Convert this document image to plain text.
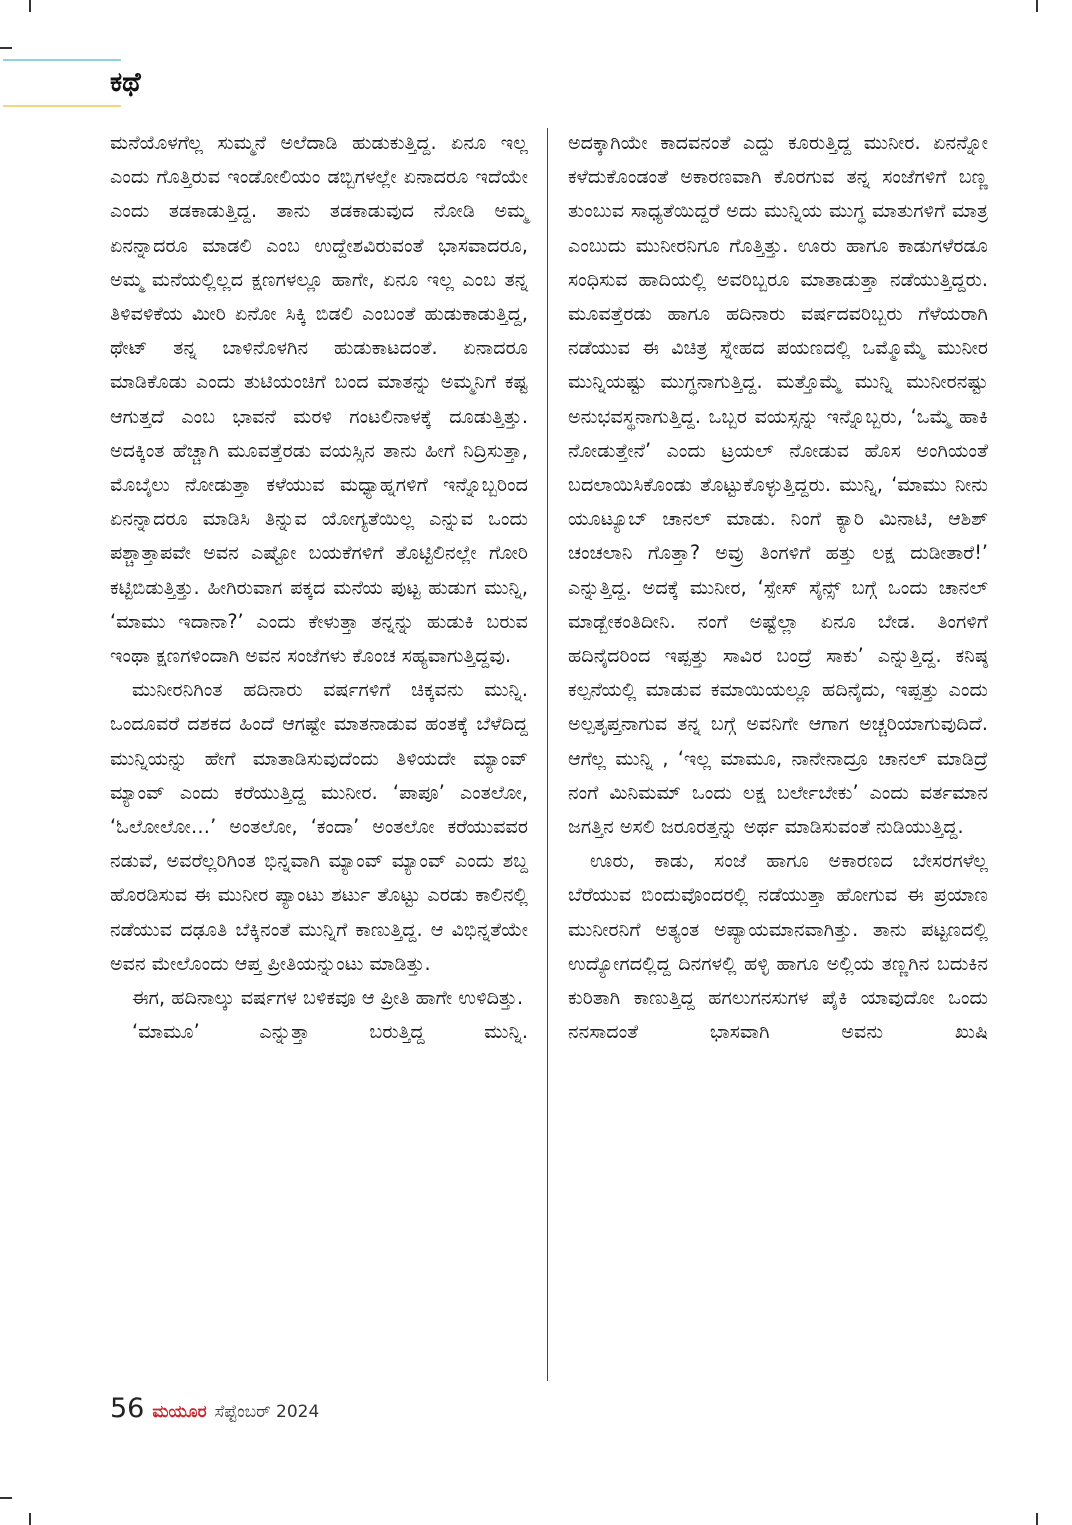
ಕಥೆ

ಮನೆಯೊಳಗೆಲ್ಲ ಸುಮ್ಮನೆ ಅಲೆದಾಡಿ ಹುಡುಕುತ್ತಿದ್ದ. ಏನೂ ಇಲ್ಲ ಎಂದು ಗೊತ್ತಿರುವ ಇಂಡೋಲಿಯಂ ಡಬ್ಬಿಗಳಲ್ಲೇ ಏನಾದರೂ ಇದೆಯೇ ಎಂದು ತಡಕಾಡುತ್ತಿದ್ದ. ತಾನು ತಡಕಾಡುವುದ ನೋಡಿ ಅಮ್ಮ ಏನನ್ನಾದರೂ ಮಾಡಲಿ ಎಂಬ ಉದ್ದೇಶವಿರುವಂತೆ ಭಾಸವಾದರೂ, ಅಮ್ಮ ಮನೆಯಲ್ಲಿಲ್ಲದ ಕ್ಷಣಗಳಲ್ಲೂ ಹಾಗೇ, ಏನೂ ಇಲ್ಲ ಎಂಬ ತನ್ನ ತಿಳಿವಳಿಕೆಯ ಮೀರಿ ಏನೋ ಸಿಕ್ಕಿ ಬಿಡಲಿ ಎಂಬಂತೆ ಹುಡುಕಾಡುತ್ತಿದ್ದ, ಥೇಟ್ ತನ್ನ ಬಾಳಿನೊಳಗಿನ ಹುಡುಕಾಟದಂತೆ. ಏನಾದರೂ ಮಾಡಿಕೊಡು ಎಂದು ತುಟಿಯಂಚಿಗೆ ಬಂದ ಮಾತನ್ನು ಅಮ್ಮನಿಗೆ ಕಷ್ಟ ಆಗುತ್ತದೆ ಎಂಬ ಭಾವನೆ ಮರಳಿ ಗಂಟಲಿನಾಳಕ್ಕೆ ದೂಡುತ್ತಿತ್ತು. ಅದಕ್ಕಿಂತ ಹೆಚ್ಚಾಗಿ ಮೂವತ್ತೆರಡು ವಯಸ್ಸಿನ ತಾನು ಹೀಗೆ ನಿದ್ರಿಸುತ್ತಾ, ಮೊಬೈಲು ನೋಡುತ್ತಾ ಕಳೆಯುವ ಮಧ್ಯಾಹ್ನಗಳಿಗೆ ಇನ್ನೊಬ್ಬರಿಂದ ಏನನ್ನಾದರೂ ಮಾಡಿಸಿ ತಿನ್ನುವ ಯೋಗ್ಯತೆಯಿಲ್ಲ ಎನ್ನುವ ಒಂದು ಪಶ್ಚಾತ್ತಾಪವೇ ಅವನ ಎಷ್ಟೋ ಬಯಕೆಗಳಿಗೆ ತೊಟ್ಟಿಲಿನಲ್ಲೇ ಗೋರಿ ಕಟ್ಟಿಬಿಡುತ್ತಿತ್ತು. ಹೀಗಿರುವಾಗ ಪಕ್ಕದ ಮನೆಯ ಪುಟ್ಟ ಹುಡುಗ ಮುನ್ನಿ, ‘ಮಾಮು ಇದಾನಾ?’ ಎಂದು ಕೇಳುತ್ತಾ ತನ್ನನ್ನು ಹುಡುಕಿ ಬರುವ ಇಂಥಾ ಕ್ಷಣಗಳಿಂದಾಗಿ ಅವನ ಸಂಜೆಗಳು ಕೊಂಚ ಸಹ್ಯವಾಗುತ್ತಿದ್ದವು.

ಮುನೀರನಿಗಿಂತ ಹದಿನಾರು ವರ್ಷಗಳಿಗೆ ಚಿಕ್ಕವನು ಮುನ್ನಿ. ಒಂದೂವರೆ ದಶಕದ ಹಿಂದೆ ಆಗಷ್ಟೇ ಮಾತನಾಡುವ ಹಂತಕ್ಕೆ ಬೆಳೆದಿದ್ದ ಮುನ್ನಿಯನ್ನು ಹೇಗೆ ಮಾತಾಡಿಸುವುದೆಂದು ತಿಳಿಯದೇ ಮ್ಯಾಂವ್ ಮ್ಯಾಂವ್ ಎಂದು ಕರೆಯುತ್ತಿದ್ದ ಮುನೀರ. ‘ಪಾಪೂ’ ಎಂತಲೋ, ‘ಓಲೋಲೋ…’ ಅಂತಲೋ, ‘ಕಂದಾ’ ಅಂತಲೋ ಕರೆಯುವವರ ನಡುವೆ, ಅವರೆಲ್ಲರಿಗಿಂತ ಭಿನ್ನವಾಗಿ ಮ್ಯಾಂವ್ ಮ್ಯಾಂವ್ ಎಂದು ಶಬ್ದ ಹೊರಡಿಸುವ ಈ ಮುನೀರ ಪ್ಯಾಂಟು ಶರ್ಟು ತೊಟ್ಟು ಎರಡು ಕಾಲಿನಲ್ಲಿ ನಡೆಯುವ ದಢೂತಿ ಬೆಕ್ಕಿನಂತೆ ಮುನ್ನಿಗೆ ಕಾಣುತ್ತಿದ್ದ. ಆ ವಿಭಿನ್ನತೆಯೇ ಅವನ ಮೇಲೊಂದು ಆಪ್ತ ಪ್ರೀತಿಯನ್ನುಂಟು ಮಾಡಿತ್ತು.

ಈಗ, ಹದಿನಾಲ್ಕು ವರ್ಷಗಳ ಬಳಿಕವೂ ಆ ಪ್ರೀತಿ ಹಾಗೇ ಉಳಿದಿತ್ತು.

‘ಮಾಮೂ’ ಎನ್ನುತ್ತಾ ಬರುತ್ತಿದ್ದ ಮುನ್ನಿ.

ಅದಕ್ಕಾಗಿಯೇ ಕಾದವನಂತೆ ಎದ್ದು ಕೂರುತ್ತಿದ್ದ ಮುನೀರ. ಏನನ್ನೋ ಕಳೆದುಕೊಂಡಂತೆ ಅಕಾರಣವಾಗಿ ಕೊರಗುವ ತನ್ನ ಸಂಜೆಗಳಿಗೆ ಬಣ್ಣ ತುಂಬುವ ಸಾಧ್ಯತೆಯಿದ್ದರೆ ಅದು ಮುನ್ನಿಯ ಮುಗ್ಧ ಮಾತುಗಳಿಗೆ ಮಾತ್ರ ಎಂಬುದು ಮುನೀರನಿಗೂ ಗೊತ್ತಿತ್ತು. ಊರು ಹಾಗೂ ಕಾಡುಗಳೆರಡೂ ಸಂಧಿಸುವ ಹಾದಿಯಲ್ಲಿ ಅವರಿಬ್ಬರೂ ಮಾತಾಡುತ್ತಾ ನಡೆಯುತ್ತಿದ್ದರು. ಮೂವತ್ತೆರಡು ಹಾಗೂ ಹದಿನಾರು ವರ್ಷದವರಿಬ್ಬರು ಗೆಳೆಯರಾಗಿ ನಡೆಯುವ ಈ ವಿಚಿತ್ರ ಸ್ನೇಹದ ಪಯಣದಲ್ಲಿ ಒಮ್ಮೊಮ್ಮೆ ಮುನೀರ ಮುನ್ನಿಯಷ್ಟು ಮುಗ್ಧನಾಗುತ್ತಿದ್ದ. ಮತ್ತೊಮ್ಮೆ ಮುನ್ನಿ ಮುನೀರನಷ್ಟು ಅನುಭವಸ್ಥನಾಗುತ್ತಿದ್ದ. ಒಬ್ಬರ ವಯಸ್ಸನ್ನು ಇನ್ನೊಬ್ಬರು, ‘ಒಮ್ಮೆ ಹಾಕಿ ನೋಡುತ್ತೇನೆ’ ಎಂದು ಟ್ರಯಲ್ ನೋಡುವ ಹೊಸ ಅಂಗಿಯಂತೆ ಬದಲಾಯಿಸಿಕೊಂಡು ತೊಟ್ಟುಕೊಳ್ಳುತ್ತಿದ್ದರು. ಮುನ್ನಿ, ‘ಮಾಮು ನೀನು ಯೂಟ್ಯೂಬ್ ಚಾನಲ್ ಮಾಡು. ನಿಂಗೆ ಕ್ಯಾರಿ ಮಿನಾಟಿ, ಆಶಿಶ್ ಚಂಚಲಾನಿ ಗೊತ್ತಾ? ಅವ್ರು ತಿಂಗಳಿಗೆ ಹತ್ತು ಲಕ್ಷ ದುಡೀತಾರೆ!’ ಎನ್ನುತ್ತಿದ್ದ. ಅದಕ್ಕೆ ಮುನೀರ, ‘ಸ್ಪೇಸ್ ಸೈನ್ಸ್ ಬಗ್ಗೆ ಒಂದು ಚಾನಲ್ ಮಾಡ್ಬೇಕಂತಿದೀನಿ. ನಂಗೆ ಅಷ್ಟೆಲ್ಲಾ ಏನೂ ಬೇಡ. ತಿಂಗಳಿಗೆ ಹದಿನೈದರಿಂದ ಇಪ್ಪತ್ತು ಸಾವಿರ ಬಂದ್ರೆ ಸಾಕು’ ಎನ್ನುತ್ತಿದ್ದ. ಕನಿಷ್ಠ ಕಲ್ಪನೆಯಲ್ಲಿ ಮಾಡುವ ಕಮಾಯಿಯಲ್ಲೂ ಹದಿನೈದು, ಇಪ್ಪತ್ತು ಎಂದು ಅಲ್ಪತೃಪ್ತನಾಗುವ ತನ್ನ ಬಗ್ಗೆ ಅವನಿಗೇ ಆಗಾಗ ಅಚ್ಚರಿಯಾಗುವುದಿದೆ. ಆಗೆಲ್ಲ ಮುನ್ನಿ , ‘ಇಲ್ಲ ಮಾಮೂ, ನಾನೇನಾದ್ರೂ ಚಾನಲ್ ಮಾಡಿದ್ರೆ ನಂಗೆ ಮಿನಿಮಮ್ ಒಂದು ಲಕ್ಷ ಬರ್ಲೇಬೇಕು’ ಎಂದು ವರ್ತಮಾನ ಜಗತ್ತಿನ ಅಸಲಿ ಜರೂರತ್ತನ್ನು ಅರ್ಥ ಮಾಡಿಸುವಂತೆ ನುಡಿಯುತ್ತಿದ್ದ.

ಊರು, ಕಾಡು, ಸಂಜೆ ಹಾಗೂ ಅಕಾರಣದ ಬೇಸರಗಳೆಲ್ಲ ಬೆರೆಯುವ ಬಿಂದುವೊಂದರಲ್ಲಿ ನಡೆಯುತ್ತಾ ಹೋಗುವ ಈ ಪ್ರಯಾಣ ಮುನೀರನಿಗೆ ಅತ್ಯಂತ ಅಪ್ಯಾಯಮಾನವಾಗಿತ್ತು. ತಾನು ಪಟ್ಟಣದಲ್ಲಿ ಉದ್ಯೋಗದಲ್ಲಿದ್ದ ದಿನಗಳಲ್ಲಿ ಹಳ್ಳಿ ಹಾಗೂ ಅಲ್ಲಿಯ ತಣ್ಣಗಿನ ಬದುಕಿನ ಕುರಿತಾಗಿ ಕಾಣುತ್ತಿದ್ದ ಹಗಲುಗನಸುಗಳ ಪೈಕಿ ಯಾವುದೋ ಒಂದು ನನಸಾದಂತೆ ಭಾಸವಾಗಿ ಅವನು ಖುಷಿ

56 ಮಯೂರ ಸೆಪ್ಟೆಂಬರ್ 2024
